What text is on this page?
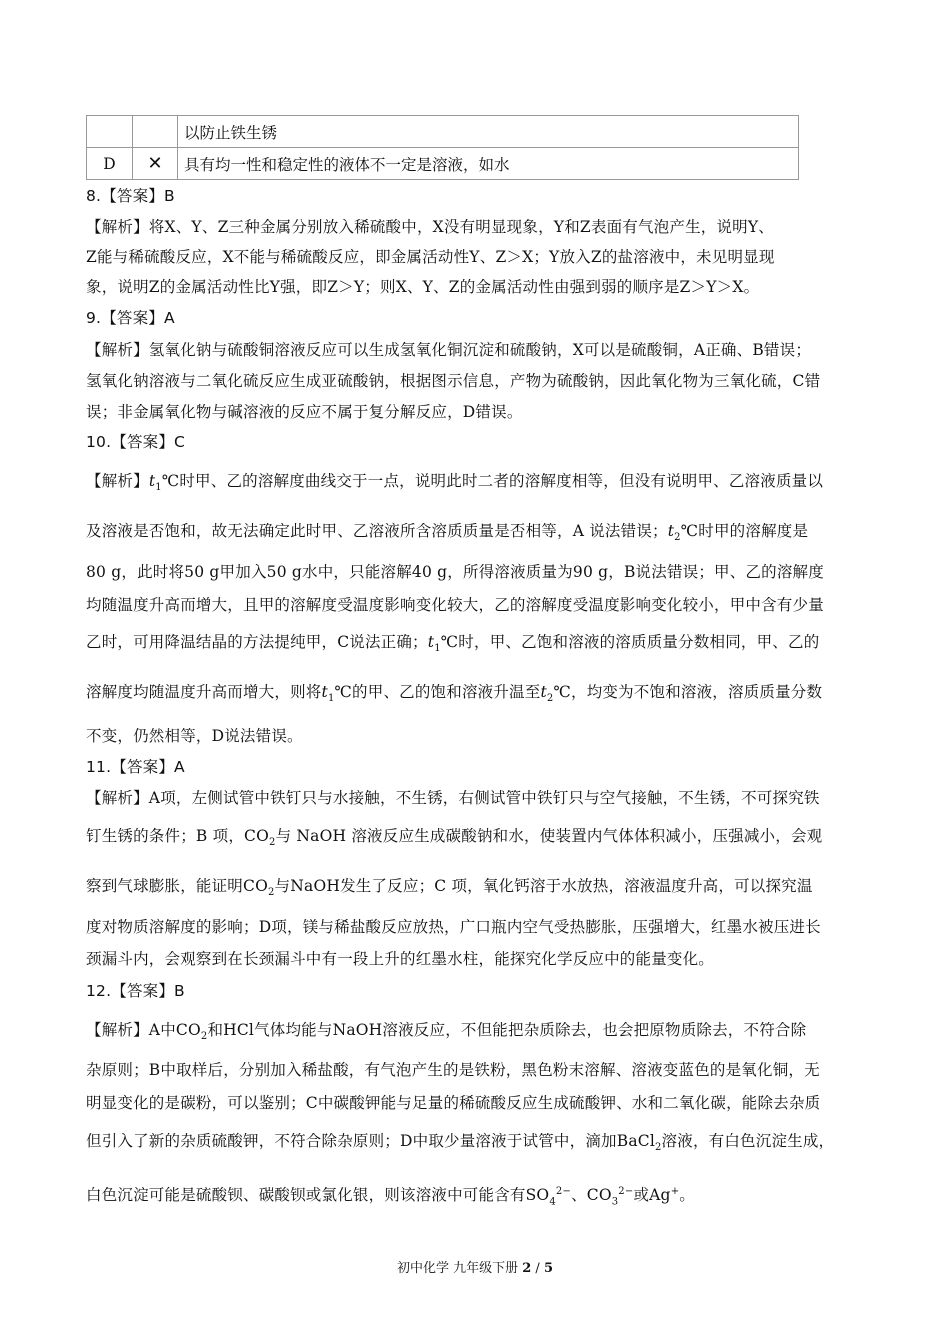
		以防止铁生锈
D	✕	具有均一性和稳定性的液体不一定是溶液，如水
8.【答案】B
【解析】将X、Y、Z三种金属分别放入稀硫酸中，X没有明显现象，Y和Z表面有气泡产生，说明Y、
Z能与稀硫酸反应，X不能与稀硫酸反应，即金属活动性Y、Z＞X；Y放入Z的盐溶液中，未见明显现
象，说明Z的金属活动性比Y强，即Z＞Y；则X、Y、Z的金属活动性由强到弱的顺序是Z＞Y＞X。
9.【答案】A
【解析】氢氧化钠与硫酸铜溶液反应可以生成氢氧化铜沉淀和硫酸钠，X可以是硫酸铜，A正确、B错误；
氢氧化钠溶液与二氧化硫反应生成亚硫酸钠，根据图示信息，产物为硫酸钠，因此氧化物为三氧化硫，C错
误；非金属氧化物与碱溶液的反应不属于复分解反应，D错误。
10.【答案】C
【解析】$t_1℃$时甲、乙的溶解度曲线交于一点，说明此时二者的溶解度相等，但没有说明甲、乙溶液质量以
及溶液是否饱和，故无法确定此时甲、乙溶液所含溶质质量是否相等，A 说法错误；$t_2℃$时甲的溶解度是
80 g，此时将50 g甲加入50 g水中，只能溶解40 g，所得溶液质量为90 g，B说法错误；甲、乙的溶解度
均随温度升高而增大，且甲的溶解度受温度影响变化较大，乙的溶解度受温度影响变化较小，甲中含有少量
乙时，可用降温结晶的方法提纯甲，C说法正确；$t_1℃$时，甲、乙饱和溶液的溶质质量分数相同，甲、乙的
溶解度均随温度升高而增大，则将$t_1℃$的甲、乙的饱和溶液升温至$t_2℃$，均变为不饱和溶液，溶质质量分数
不变，仍然相等，D说法错误。
11.【答案】A
【解析】A项，左侧试管中铁钉只与水接触，不生锈，右侧试管中铁钉只与空气接触，不生锈，不可探究铁
钉生锈的条件；B 项，$CO_2$与 NaOH 溶液反应生成碳酸钠和水，使装置内气体体积减小，压强减小，会观
察到气球膨胀，能证明$CO_2$与NaOH发生了反应；C 项，氧化钙溶于水放热，溶液温度升高，可以探究温
度对物质溶解度的影响；D项，镁与稀盐酸反应放热，广口瓶内空气受热膨胀，压强增大，红墨水被压进长
颈漏斗内，会观察到在长颈漏斗中有一段上升的红墨水柱，能探究化学反应中的能量变化。
12.【答案】B
【解析】A中$CO_2$和HCl气体均能与NaOH溶液反应，不但能把杂质除去，也会把原物质除去，不符合除
杂原则；B中取样后，分别加入稀盐酸，有气泡产生的是铁粉，黑色粉末溶解、溶液变蓝色的是氧化铜，无
明显变化的是碳粉，可以鉴别；C中碳酸钾能与足量的稀硫酸反应生成硫酸钾、水和二氧化碳，能除去杂质
但引入了新的杂质硫酸钾，不符合除杂原则；D中取少量溶液于试管中，滴加BaCl$_2$溶液，有白色沉淀生成，
白色沉淀可能是硫酸钡、碳酸钡或氯化银，则该溶液中可能含有$SO_4^{2-}$、$CO_3^{2-}$或Ag+。
初中化学 九年级下册 2 / 5
